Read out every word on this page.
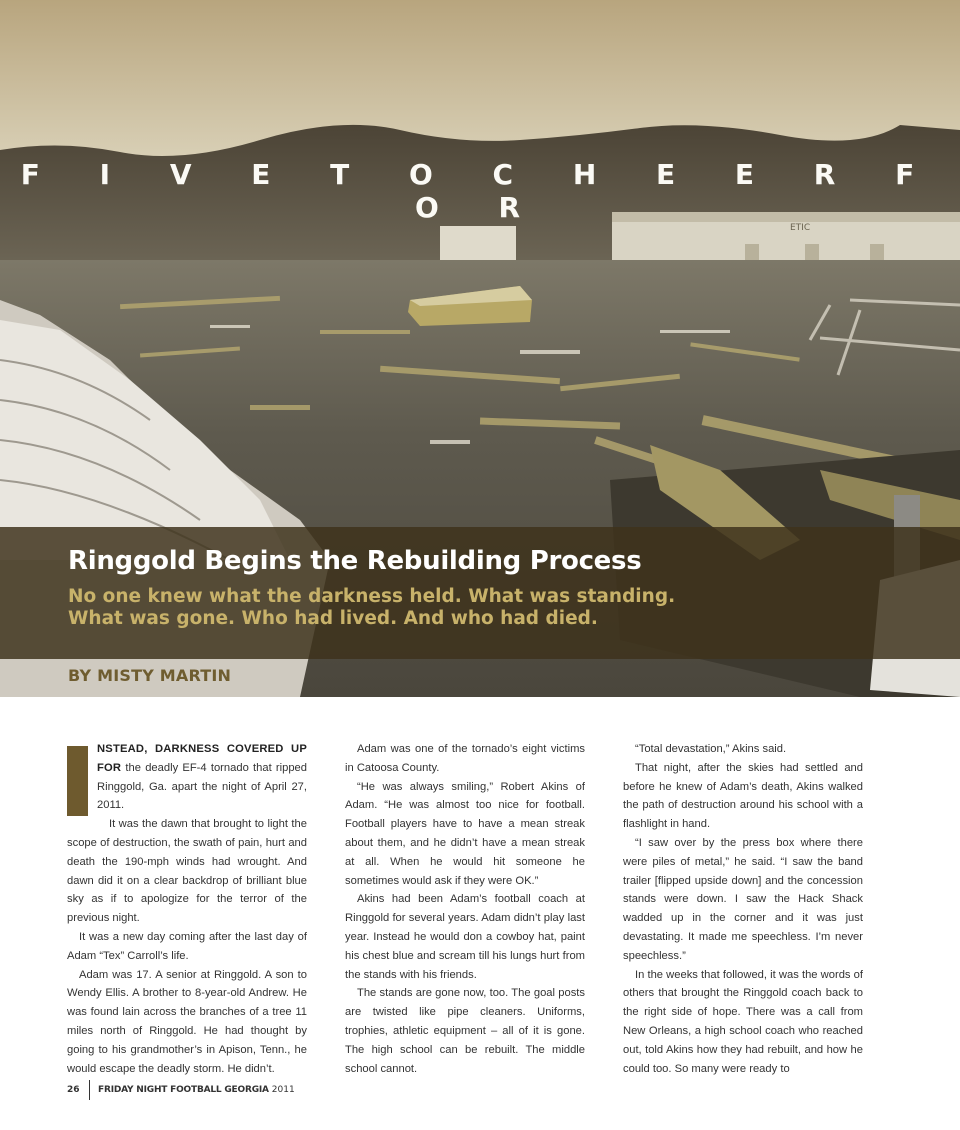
ETIC
F I V E T O C H E E R F O R
Ringgold Begins the Rebuilding Process
No one knew what the darkness held. What was standing.
What was gone. Who had lived. And who had died.
BY MISTY MARTIN

NSTEAD, DARKNESS COVERED UP FOR the deadly EF-4 tornado that ripped Ringgold, Ga. apart the night of April 27, 2011.

It was the dawn that brought to light the scope of destruction, the swath of pain, hurt and death the 190-mph winds had wrought. And dawn did it on a clear backdrop of brilliant blue sky as if to apologize for the terror of the previous night.

It was a new day coming after the last day of Adam “Tex” Carroll’s life.

Adam was 17. A senior at Ringgold. A son to Wendy Ellis. A brother to 8-year-old Andrew. He was found lain across the branches of a tree 11 miles north of Ringgold. He had thought by going to his grandmother’s in Apison, Tenn., he would escape the deadly storm. He didn’t.

Adam was one of the tornado’s eight victims in Catoosa County.

“He was always smiling,” Robert Akins of Adam. “He was almost too nice for football. Football players have to have a mean streak about them, and he didn’t have a mean streak at all. When he would hit someone he sometimes would ask if they were OK.”

Akins had been Adam’s football coach at Ringgold for several years. Adam didn’t play last year. Instead he would don a cowboy hat, paint his chest blue and scream till his lungs hurt from the stands with his friends.

The stands are gone now, too. The goal posts are twisted like pipe cleaners. Uniforms, trophies, athletic equipment – all of it is gone. The high school can be rebuilt. The middle school cannot.

“Total devastation,” Akins said.

That night, after the skies had settled and before he knew of Adam’s death, Akins walked the path of destruction around his school with a flashlight in hand.

“I saw over by the press box where there were piles of metal,” he said. “I saw the band trailer [flipped upside down] and the concession stands were down. I saw the Hack Shack wadded up in the corner and it was just devastating. It made me speechless. I’m never speechless.”

In the weeks that followed, it was the words of others that brought the Ringgold coach back to the right side of hope. There was a call from New Orleans, a high school coach who reached out, told Akins how they had rebuilt, and how he could too. So many were ready to

26 FRIDAY NIGHT FOOTBALL GEORGIA 2011
